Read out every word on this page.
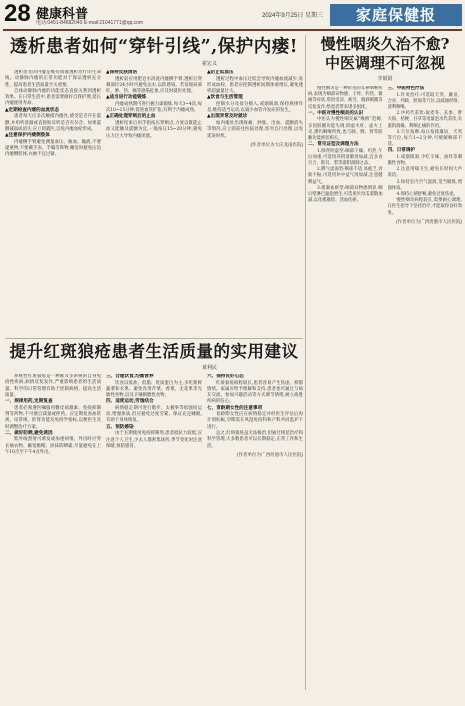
28 健康科普
电话:0451-84682040 E-mail:21041771@qq.com
2024年9月25日 星期三	家庭保健报
透析患者如何“穿针引线”,保护内瘘!
霍宏义

透析患者的内瘘是维持血液透析治疗的生命线。动静脉内瘘的正常功能对于保证透析充分性、提高患者生活质量至关重要。

自体动静脉内瘘的功能状态直接关系到透析效果。在日常生活中,患者需要做好自我护理,延长内瘘使用寿命。

▲定期检查内瘘的血流状态

患者每天应多次触摸内瘘处,感受是否存在震颤,并用听诊器或直接贴耳听是否有杂音。如果震颤减弱或消失,应立即就医,以免内瘘血栓形成。

▲注意保护内瘘侧肢体

内瘘侧手臂避免测量血压、抽血、输液,不要提重物,不要戴手表、手镯等饰物,睡觉时避免压迫内瘘侧肢体,衣袖不宜过紧。

▲保持皮肤清洁

透析前应用肥皂水清洗内瘘侧手臂,透析后穿刺部位24小时内避免沾水,以防感染。若发现局部红、肿、热、痛等感染征象,应及时就医处理。

▲适当进行功能锻炼

内瘘成熟期可进行握力球锻炼,每天3~4次,每次10~15分钟,促进血管扩张,有利于内瘘成熟。

▲正确处理穿刺后的止血

透析结束后用手指按压穿刺点,力度以既能止血又能触及震颤为宜,一般按压15~20分钟,避免压力过大导致内瘘闭塞。

▲防止低血压

透析过程中血压过低会导致内瘘血流减少,易形成血栓。患者应控制透析间期体重增长,避免透析超滤量过大。

▲饮食与生活管理

控制水分及盐分摄入,戒烟限酒,保持规律作息,维持适当运动,以减少血管并发症的发生。

▲出现异常及时就诊

如内瘘处出现疼痛、肿胀、出血、震颤消失等情况,应立即前往医院处理,切勿自行处理,以免延误时机。

(作者单位为大庆龙南医院)
提升红斑狼疮患者生活质量的实用建议
黄利民

系统性红斑狼疮是一种累及多系统的自身免疫性疾病,病情反复发作,严重影响患者的生活质量。科学的日常管理有助于控制病情、提高生活质量。

一、规律用药,定期复查

患者必须遵医嘱服用糖皮质激素、免疫抑制剂等药物,不可擅自减量或停药。应定期复查血常规、尿常规、肝肾功能及免疫学指标,以便医生及时调整治疗方案。

二、做好防晒,避免诱因

紫外线照射可诱发或加重病情。外出时应穿长袖衣物、戴宽檐帽、涂抹防晒霜,尽量避免在上午10点至下午4点外出。

三、合理饮食,均衡营养

饮食以低盐、低脂、优质蛋白为主,多吃新鲜蔬菜和水果。避免食用芹菜、香菜、无花果等光敏性食物,以及辛辣刺激性食物。

四、适度运动,劳逸结合

病情稳定期可进行散步、太极拳等低强度运动,增强体质,但应避免过度劳累。保证充足睡眠,有助于身体恢复。

五、预防感染

由于长期使用免疫抑制剂,患者抵抗力较低,应注意个人卫生,少去人群密集场所,季节变化时注意保暖,预防感冒。

六、保持良好心态

红斑狼疮病程较长,患者容易产生焦虑、抑郁情绪。家属应给予理解和支持,患者也可通过与病友交流、参加兴趣活动等方式调节情绪,树立战胜疾病的信心。

七、育龄期女性的注意事项

育龄期女性应在病情稳定并经医生评估后再计划妊娠,孕期需在风湿免疫科和产科共同监护下进行。

总之,红斑狼疮虽无法根治,但通过规范治疗和科学管理,大多数患者可以长期稳定,正常工作和生活。

(作者单位为广西河池市人民医院)
慢性咽炎久治不愈?
中医调理不可忽视
李娟娟

慢性咽炎是一种常见的耳鼻咽喉疾病,表现为咽部异物感、干痒、灼热、微痛等症状,常因受凉、疲劳、烟酒刺激等反复发作,给患者带来诸多困扰。

一、中医对慢性咽炎的认识

中医认为慢性咽炎属“喉痹”范畴,多因脏腑功能失调,阴虚火旺、虚火上炎,熏灼咽喉所致,也与肺、脾、肾等脏腑功能密切相关。

二、常见证型及调理方法

1.肺肾阴虚型:咽部干燥、灼热,午后加重,可选用养阴清肺汤加减,宜多食百合、银耳、梨等滋阴润肺之品。

2.脾气虚弱型:咽部不适,易疲乏,食欲不振,可选用补中益气汤加减,注意健脾益气。

3.痰凝血瘀型:咽部异物感明显,咽后壁淋巴滤泡增生,可选用贝母瓜蒌散加减,以化痰散结、活血化瘀。

三、中医特色疗法

1.针灸治疗:可选取天突、廉泉、合谷、列缺、照海等穴位,以疏通经络、清利咽喉。

2.中药代茶饮:取麦冬、玄参、胖大海、桔梗、甘草等适量泡水代茶饮,有滋阴润燥、利咽止痛的作用。

3.穴位按摩:每日按揉廉泉、天突等穴位,每穴1~2分钟,可缓解咽部不适。

四、日常调护

1.戒烟限酒,少吃辛辣、油炸等刺激性食物。

2.注意用嗓卫生,避免长时间大声说话。

3.保持室内空气湿润,适当锻炼,增强体质。

4.保持心情舒畅,避免过度焦虑。

慢性咽炎病程较长,需要耐心调理,在医生指导下坚持治疗,才能取得良好效果。

(作者单位为广西贵港市人民医院)
